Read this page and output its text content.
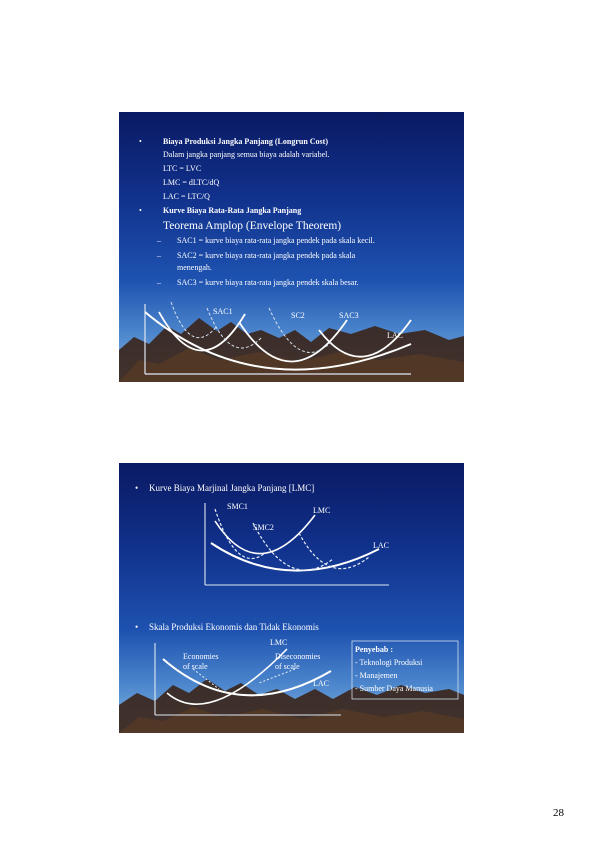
•	Biaya Produksi Jangka Panjang (Longrun Cost)
Dalam jangka panjang semua biaya adalah variabel.
LTC = LVC
LMC = dLTC/dQ
LAC = LTC/Q
•	Kurve Biaya Rata-Rata Jangka Panjang
Teorema Amplop (Envelope Theorem)
– SAC1 = kurve biaya rata-rata jangka pendek pada skala kecil.
– SAC2 = kurve biaya rata-rata jangka pendek pada skala
menengah.
– SAC3 = kurve biaya rata-rata jangka pendek skala besar.
SAC1	SC2	SAC3
LAC
• Kurve Biaya Marjinal Jangka Panjang [LMC]
SMC1	LMC
SMC2
LAC
• Skala Produksi Ekonomis dan Tidak Ekonomis
LMC
Economies
of scale
Diseconomies
of scale
LAC
Penyebab :
- Teknologi Produksi
- Manajemen
- Sumber Daya Manusia
28
